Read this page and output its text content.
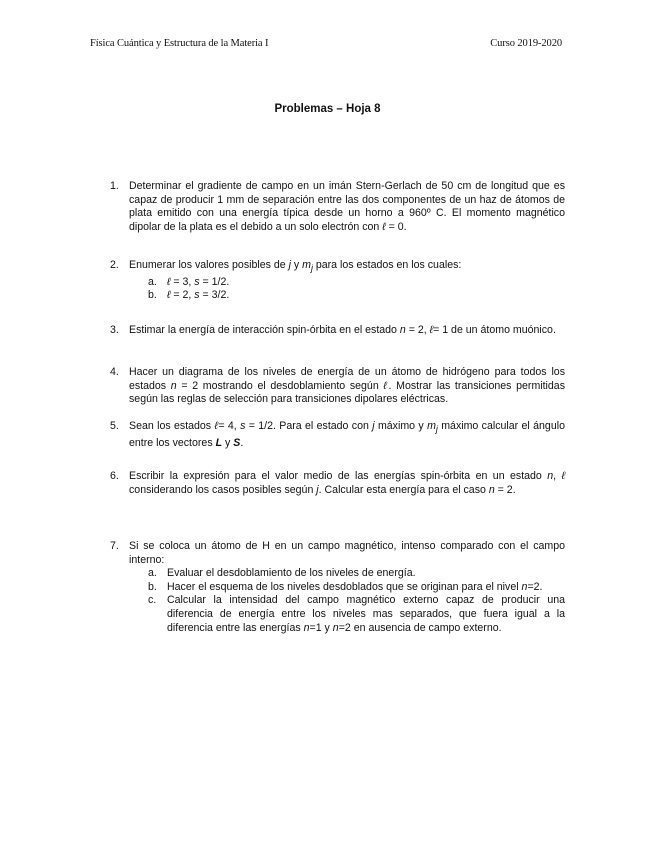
Física Cuántica y Estructura de la Materia I	Curso 2019-2020
Problemas – Hoja 8
1. Determinar el gradiente de campo en un imán Stern-Gerlach de 50 cm de longitud que es capaz de producir 1 mm de separación entre las dos componentes de un haz de átomos de plata emitido con una energía típica desde un horno a 960º C. El momento magnético dipolar de la plata es el debido a un solo electrón con ℓ = 0.
2. Enumerar los valores posibles de j y $m_j$ para los estados en los cuales:
a. ℓ = 3, s = 1/2.
b. ℓ = 2, s = 3/2.
3. Estimar la energía de interacción spin-órbita en el estado n = 2, ℓ= 1 de un átomo muónico.
4. Hacer un diagrama de los niveles de energía de un átomo de hidrógeno para todos los estados n = 2 mostrando el desdoblamiento según ℓ. Mostrar las transiciones permitidas según las reglas de selección para transiciones dipolares eléctricas.
5. Sean los estados ℓ= 4, s = 1/2. Para el estado con j máximo y $m_j$ máximo calcular el ángulo entre los vectores L y S.
6. Escribir la expresión para el valor medio de las energías spin-órbita en un estado n, ℓ considerando los casos posibles según j. Calcular esta energía para el caso n = 2.
7. Si se coloca un átomo de H en un campo magnético, intenso comparado con el campo interno:
a. Evaluar el desdoblamiento de los niveles de energía.
b. Hacer el esquema de los niveles desdoblados que se originan para el nivel n=2.
c. Calcular la intensidad del campo magnético externo capaz de producir una diferencia de energía entre los niveles mas separados, que fuera igual a la diferencia entre las energías n=1 y n=2 en ausencia de campo externo.
